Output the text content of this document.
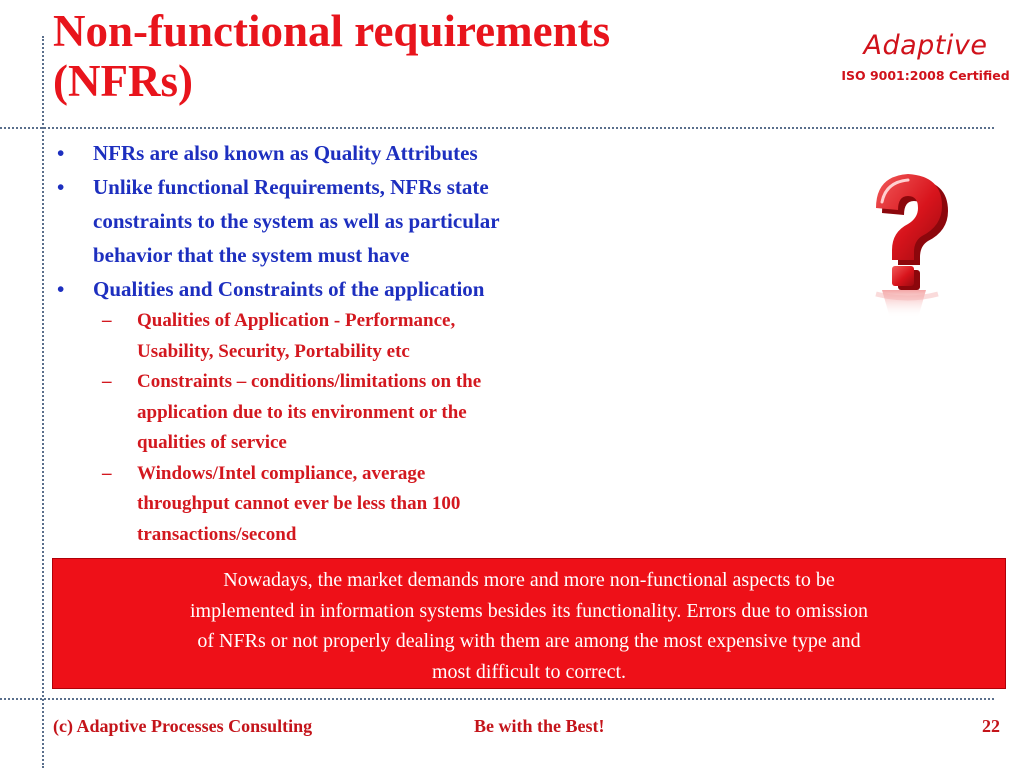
Non-functional requirements
(NFRs)
Adaptive
ISO 9001:2008 Certified
• NFRs are also known as Quality Attributes
• Unlike functional Requirements, NFRs state
constraints to the system as well as particular
behavior that the system must have
• Qualities and Constraints of the application
– Qualities of Application - Performance,
Usability, Security, Portability etc
– Constraints – conditions/limitations on the
application due to its environment or the
qualities of service
– Windows/Intel compliance, average
throughput cannot ever be less than 100
transactions/second
Nowadays, the market demands more and more non-functional aspects to be
implemented in information systems besides its functionality. Errors due to omission
of NFRs or not properly dealing with them are among the most expensive type and
most difficult to correct.
(c) Adaptive Processes Consulting	Be with the Best!	22
